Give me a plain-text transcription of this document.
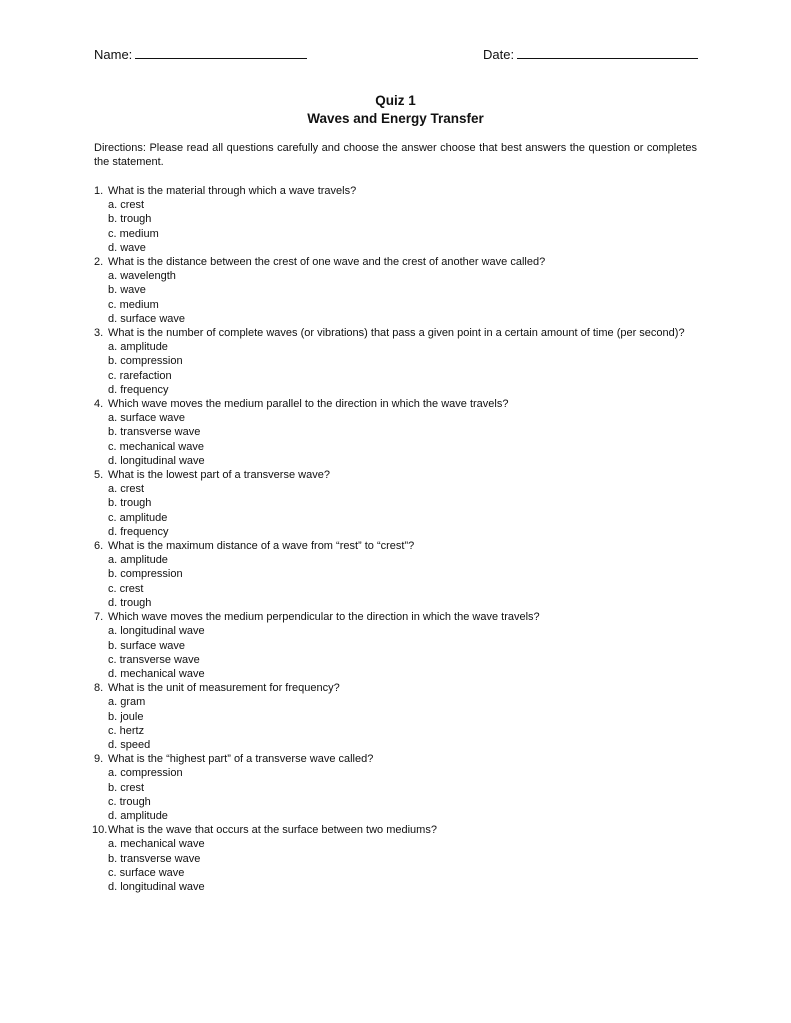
Name:	Date:
Quiz 1
Waves and Energy Transfer
Directions: Please read all questions carefully and choose the answer choose that best answers the question or completes the statement.
1. What is the material through which a wave travels?
a. crest
b. trough
c. medium
d. wave
2. What is the distance between the crest of one wave and the crest of another wave called?
a. wavelength
b. wave
c. medium
d. surface wave
3. What is the number of complete waves (or vibrations) that pass a given point in a certain amount of time (per second)?
a. amplitude
b. compression
c. rarefaction
d. frequency
4. Which wave moves the medium parallel to the direction in which the wave travels?
a. surface wave
b. transverse wave
c. mechanical wave
d. longitudinal wave
5. What is the lowest part of a transverse wave?
a. crest
b. trough
c. amplitude
d. frequency
6. What is the maximum distance of a wave from “rest” to “crest”?
a. amplitude
b. compression
c. crest
d. trough
7. Which wave moves the medium perpendicular to the direction in which the wave travels?
a. longitudinal wave
b. surface wave
c. transverse wave
d. mechanical wave
8. What is the unit of measurement for frequency?
a. gram
b. joule
c. hertz
d. speed
9. What is the “highest part” of a transverse wave called?
a. compression
b. crest
c. trough
d. amplitude
10. What is the wave that occurs at the surface between two mediums?
a. mechanical wave
b. transverse wave
c. surface wave
d. longitudinal wave
